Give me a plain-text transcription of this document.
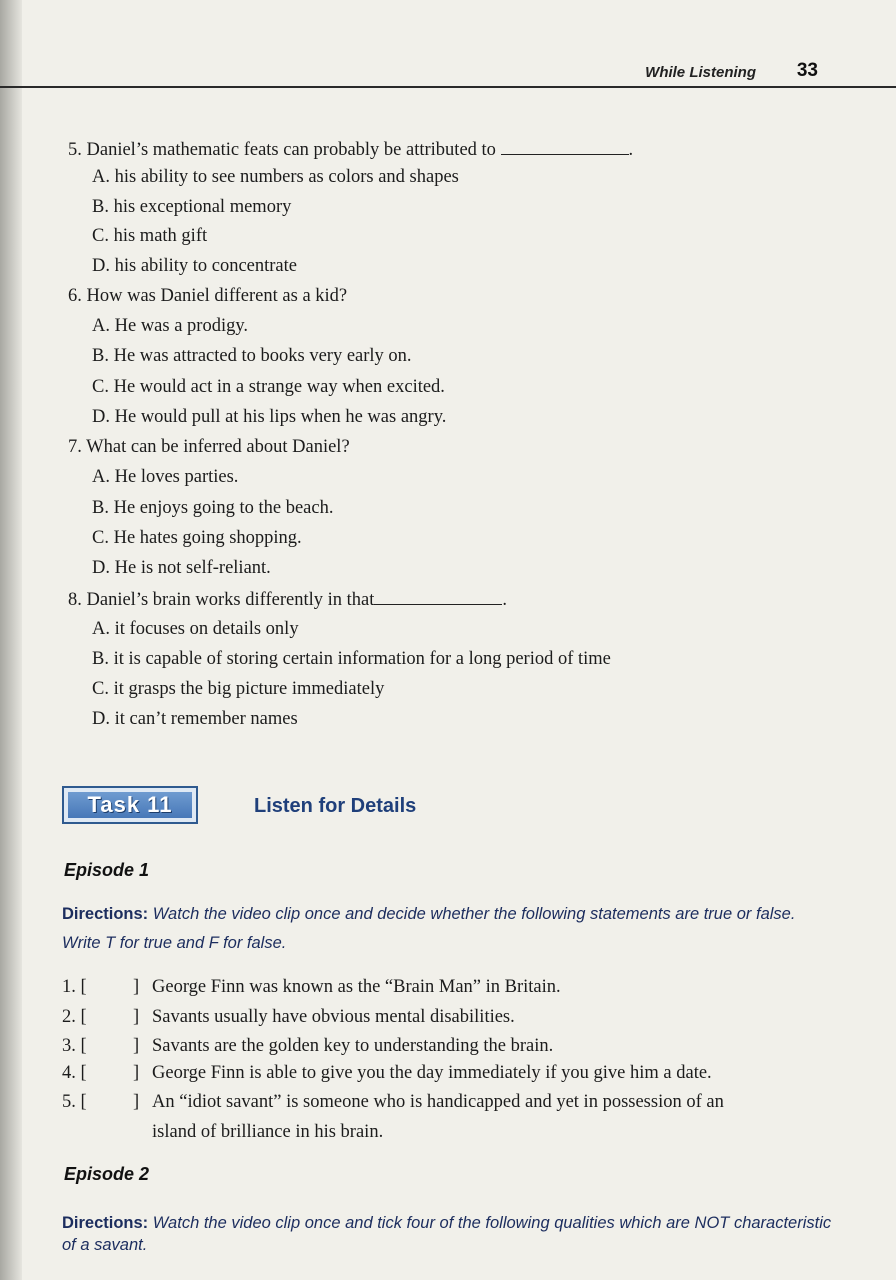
While Listening 33
5. Daniel’s mathematic feats can probably be attributed to	.
A. his ability to see numbers as colors and shapes
B. his exceptional memory
C. his math gift
D. his ability to concentrate
6. How was Daniel different as a kid?
A. He was a prodigy.
B. He was attracted to books very early on.
C. He would act in a strange way when excited.
D. He would pull at his lips when he was angry.
7. What can be inferred about Daniel?
A. He loves parties.
B. He enjoys going to the beach.
C. He hates going shopping.
D. He is not self-reliant.
8. Daniel’s brain works differently in that	.
A. it focuses on details only
B. it is capable of storing certain information for a long period of time
C. it grasps the big picture immediately
D. it can’t remember names
Task 11	Listen for Details
Episode 1
Directions: Watch the video clip once and decide whether the following statements are true or false. Write T for true and F for false.
1. [	] George Finn was known as the “Brain Man” in Britain.
2. [	] Savants usually have obvious mental disabilities.
3. [	] Savants are the golden key to understanding the brain.
4. [	] George Finn is able to give you the day immediately if you give him a date.
5. [	] An “idiot savant” is someone who is handicapped and yet in possession of an
island of brilliance in his brain.
Episode 2
Directions: Watch the video clip once and tick four of the following qualities which are NOT characteristic of a savant.
